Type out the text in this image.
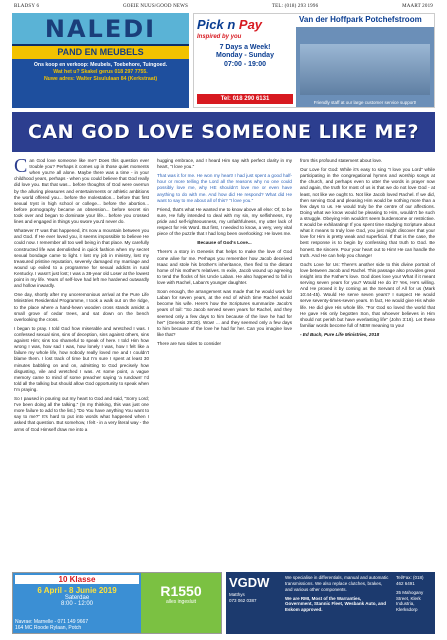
BLADSY 6	GOEIE NUUS/GOOD NEWS	TEL: (018) 293 1996	MAART 2019
NALEDI
PAND EN MEUBELS
Ons koop en verkoop: Meubels, Toebehore, Tuingoed.
Wat het u? Skakel gerus 018 297 7755.
Nuwe adres: Walter Sisululaan 84 (Kerkstraat)
Pick n Pay
Inspired by you
7 Days a Week!
Monday - Sunday
07:00 - 19:00
Tel: 018 290 6131
Van der Hoffpark Potchefstroom
Friendly staff at our large customer service support!
CAN GOD LOVE SOMEONE LIKE ME?

Can God love someone like me? Does this question ever trouble you? Perhaps it comes up in those quiet moments when you're all alone. Maybe there was a time - in your childhood years, perhaps - when you could believe that God really did love you. But that was... before thoughts of God were overrun by the alluring pleasures and entertainments or athletic ambitions the world offered you... before the molestation... before that first sexual tryst in high school or college... before the abortion... before pornography became an obsession... before secret sin took over and began to dominate your life... before you crossed lines and engaged in things you swore you'd never do.

Whatever IT was that happened, it's now a mountain between you and God. If He ever loved you, it seems impossible to believe He could now. I remember all too well being in that place. My carefully constructed life was demolished in quick fashion when my secret sexual bondage came to light. I lost my job in ministry, lost my treasured pristine reputation, severely damaged my marriage and wound up exiled to a programme for sexual addicts in rural Kentucky. I wasn't just lost; I was a 38-year old Loser at the lowest point in my life. Years of self-love had left me hardened outwardly and hollow inwardly.

One day, shortly after my unceremonious arrival at the Pure Life Ministries Residential Programme, I took a walk out on the ridge, to the place where a hand-hewn wooden cross stands amidst a small grove of cedar trees, and sat down on the bench overlooking the cross.

I began to pray. I told God how miserable and wretched I was. I confessed sexual sins, sins of deception, sins against others, sins against Him; sins too shameful to speak of here. I told Him how wrong I was, how sad I was, how lonely I was, how I felt like a failure my whole life, how nobody really loved me and I couldn't blame them. I lost track of time but I'm sure I spent at least 30 minutes babbling on and on, admitting to God precisely how disgusting, vile and wretched I was. At some point, a vague memory came to mind of some preacher saying ‘a rundown’ I'd told all the talking but should allow God opportunity to speak when I'm praying.

So I paused in pouring out my heart to God and said, "Sorry Lord; I've been doing all the talking." (In my thinking, this was just one more failure to add to the list.) "Do You have anything You want to say to me?" It's hard to put into words what happened when I asked that question. But somehow, I felt - in a very literal way - the arms of God Himself draw me into a

hugging embrace, and I heard Him say with perfect clarity in my heart, "I love you."

That was it for me. He won my heart! I had just spent a good half-hour or more telling the Lord all the reasons why no one could possibly love me, why HE shouldn't love me or even have anything to do with me. And how did He respond? What did He want to say to me about all of this? "I love you."

Friend, that's what He wanted me to know above all else: Of, to be sure, He fully intended to deal with my sin, my selfishness, my pride and self-righteousness, my unfaithfulness, my utter lack of respect for His Word. But first, I needed to know, a very, very vital piece of the puzzle that I had long been overlooking: He loves me.

Because of God's Love...

There's a story in Genesis that helps to make the love of God come alive for me. Perhaps you remember how Jacob deceived Isaac and stole his brother's inheritance, then fled to the distant home of his mother's relatives. In exile, Jacob wound up agreeing to tend the flocks of his Uncle Laban. He also happened to fall in love with Rachel, Laban's younger daughter.

Soon enough, the arrangement was made that he would work for Laban for seven years, at the end of which time Rachel would become his wife. Here's how the Scriptures summarize Jacob's years of toil: "So Jacob served seven years for Rachel, and they seemed only a few days to him because of the love he had for her" (Genesis 29:20). Wow! ... and they seemed only a few days to him because of the love he had for her. Can you imagine love like that?

There are two sides to consider

from this profound statement about love.

Our Love for God: While it's easy to sing "I love you Lord" while participating in the congregational hymns and worship songs at the church, and perhaps even to utter the words in prayer now and again, the truth for most of us is that we do not love God - at least, not like we ought to. Not like Jacob loved Rachel. If we did, then serving God and pleasing Him would be nothing more than a few days to us. He would truly be the centre of our affections. Doing what we know would be pleasing to Him, wouldn't be such a struggle. Obeying Him wouldn't seem burdensome or restrictive. It would be exhilarating! If you spent time studying Scripture about what it means to truly love God, you just might discover that your love for Him is pretty weak and superficial. If that is the case, the best response is to begin by confessing that truth to God. Be honest. Be sincere. Pour your heart out to Him! He can handle the truth. And He can help you change!

God's Love for Us: There's another side to this divine portrait of love between Jacob and Rachel. This passage also provides great insight into the Father's love. God does love you! What if it meant serving seven years for you? Would He do it? Yes, He's willing. And He proved it by coming as the Servant of All for us (Mark 10:44-45). Would He serve seven years? I suspect He would serve seventy-times-seven years. In fact, He would give His whole life. He did give His whole life. "For God so loved the world that He gave His only begotten Son, that whoever believes in Him should not perish but have everlasting life" (John 3:16). Let these familiar words become full of NEW meaning to you!

- Ed Buch, Pure Life Ministries, 2018

10 Klasse
6 April - 8 Junie 2019
Saterdae
8:00 - 12:00
Navrae: Marnelle - 071 149 9667
164 MC Roode Rylaan, Potch
R1550
alles ingesluit
VGDW
Matthys
073 062 0387
We specialise in differentials, manual and automatic transmissions. We also replace clutches, brakes, and various other components.
We are RMI, Most of the Warranties, Government, Stannic Fleet, Wesbank Auto, and Eskom approved.
Tel/Fax: (018) 462 6491
35 Mahogany Street, Klerk Industria, Klerksdorp
